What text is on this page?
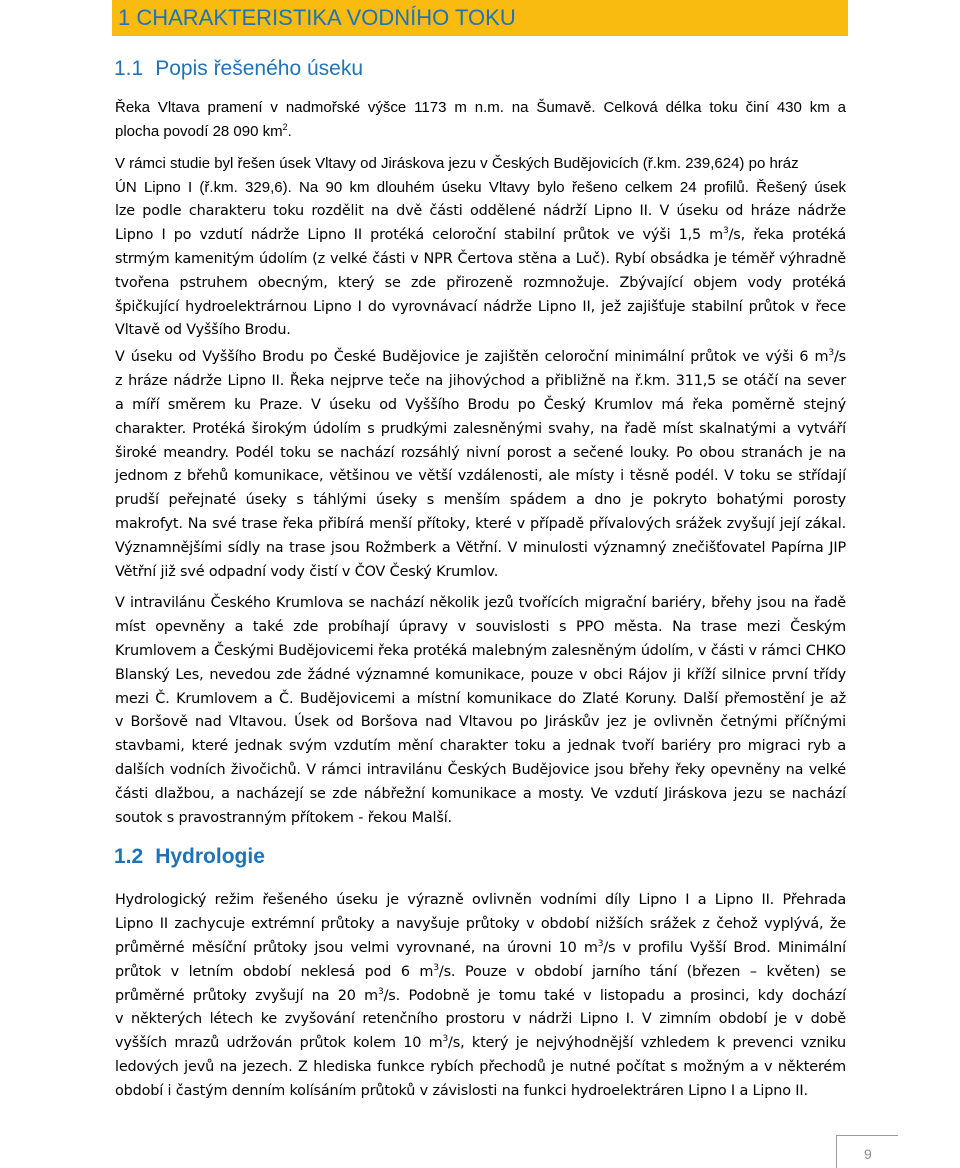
1 CHARAKTERISTIKA VODNÍHO TOKU
1.1 Popis řešeného úseku
Řeka Vltava pramení v nadmořské výšce 1173 m n.m. na Šumavě. Celková délka toku činí 430 km a
plocha povodí 28 090 $km^2$.
V rámci studie byl řešen úsek Vltavy od Jiráskova jezu v Českých Budějovicích (ř.km. 239,624) po hráz
ÚN Lipno I (ř.km. 329,6). Na 90 km dlouhém úseku Vltavy bylo řešeno celkem 24 profilů. Řešený úsek
lze podle charakteru toku rozdělit na dvě části oddělené nádrží Lipno II. V úseku od hráze nádrže
Lipno I po vzdutí nádrže Lipno II protéká celoroční stabilní průtok ve výši 1,5 $m^3/s$, řeka protéká
strmým kamenitým údolím (z velké části v NPR Čertova stěna a Luč). Rybí obsádka je téměř výhradně
tvořena pstruhem obecným, který se zde přirozeně rozmnožuje. Zbývající objem vody protéká
špičkující hydroelektrárnou Lipno I do vyrovnávací nádrže Lipno II, jež zajišťuje stabilní průtok v řece
Vltavě od Vyššího Brodu.
V úseku od Vyššího Brodu po České Budějovice je zajištěn celoroční minimální průtok ve výši 6 $m^3/s$
z hráze nádrže Lipno II. Řeka nejprve teče na jihovýchod a přibližně na ř.km. 311,5 se otáčí na sever
a míří směrem ku Praze. V úseku od Vyššího Brodu po Český Krumlov má řeka poměrně stejný
charakter. Protéká širokým údolím s prudkými zalesněnými svahy, na řadě míst skalnatými a vytváří
široké meandry. Podél toku se nachází rozsáhlý nivní porost a sečené louky. Po obou stranách je na
jednom z břehů komunikace, většinou ve větší vzdálenosti, ale místy i těsně podél. V toku se střídají
prudší peřejnaté úseky s táhlými úseky s menším spádem a dno je pokryto bohatými porosty
makrofyt. Na své trase řeka přibírá menší přítoky, které v případě přívalových srážek zvyšují její zákal.
Významnějšími sídly na trase jsou Rožmberk a Větřní. V minulosti významný znečišťovatel Papírna JIP
Větřní již své odpadní vody čistí v ČOV Český Krumlov.
V intravilánu Českého Krumlova se nachází několik jezů tvořících migrační bariéry, břehy jsou na řadě
míst opevněny a také zde probíhají úpravy v souvislosti s PPO města. Na trase mezi Českým
Krumlovem a Českými Budějovicemi řeka protéká malebným zalesněným údolím, v části v rámci CHKO
Blanský Les, nevedou zde žádné významné komunikace, pouze v obci Rájov ji kříží silnice první třídy
mezi Č. Krumlovem a Č. Budějovicemi a místní komunikace do Zlaté Koruny. Další přemostění je až
v Boršově nad Vltavou. Úsek od Boršova nad Vltavou po Jiráskův jez je ovlivněn četnými příčnými
stavbami, které jednak svým vzdutím mění charakter toku a jednak tvoří bariéry pro migraci ryb a
dalších vodních živočichů. V rámci intravilánu Českých Budějovice jsou břehy řeky opevněny na velké
části dlažbou, a nacházejí se zde nábřežní komunikace a mosty. Ve vzdutí Jiráskova jezu se nachází
soutok s pravostranným přítokem - řekou Malší.
1.2 Hydrologie
Hydrologický režim řešeného úseku je výrazně ovlivněn vodními díly Lipno I a Lipno II. Přehrada
Lipno II zachycuje extrémní průtoky a navyšuje průtoky v období nižších srážek z čehož vyplývá, že
průměrné měsíční průtoky jsou velmi vyrovnané, na úrovni 10 $m^3/s$ v profilu Vyšší Brod. Minimální
průtok v letním období neklesá pod 6 $m^3/s$. Pouze v období jarního tání (březen – květen) se
průměrné průtoky zvyšují na 20 $m^3/s$. Podobně je tomu také v listopadu a prosinci, kdy dochází
v některých létech ke zvyšování retenčního prostoru v nádrži Lipno I. V zimním období je v době
vyšších mrazů udržován průtok kolem 10 $m^3/s$, který je nejvýhodnější vzhledem k prevenci vzniku
ledových jevů na jezech. Z hlediska funkce rybích přechodů je nutné počítat s možným a v některém
období i častým denním kolísáním průtoků v závislosti na funkci hydroelektráren Lipno I a Lipno II.
9
